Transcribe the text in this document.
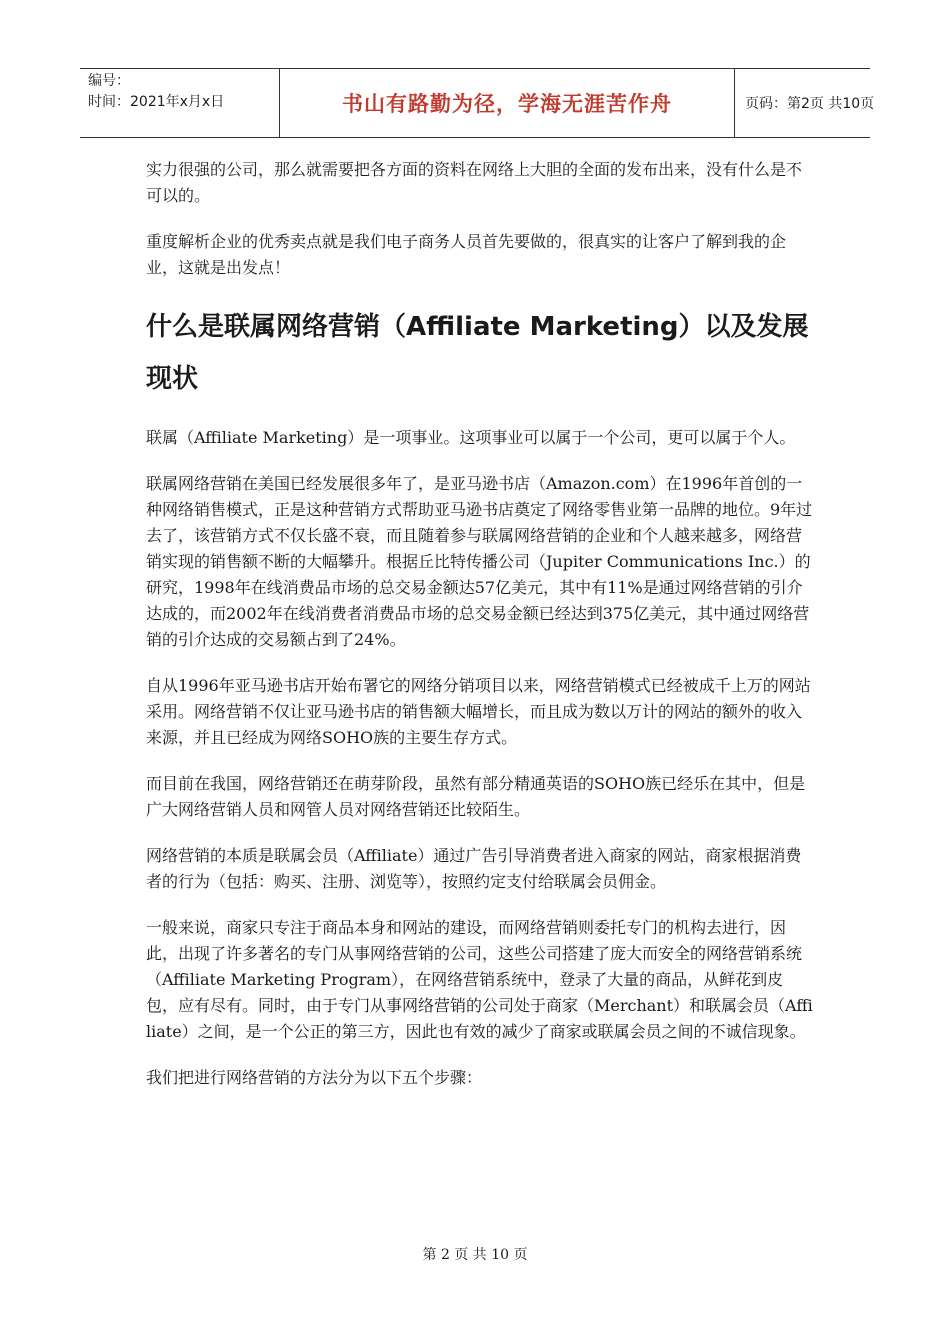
编号：
时间：2021年x月x日	书山有路勤为径，学海无涯苦作舟	页码：第2页 共10页

实力很强的公司，那么就需要把各方面的资料在网络上大胆的全面的发布出来，没有什么是不可以的。

重度解析企业的优秀卖点就是我们电子商务人员首先要做的，很真实的让客户了解到我的企业，这就是出发点！

什么是联属网络营销（Affiliate Marketing）以及发展现状

联属（Affiliate Marketing）是一项事业。这项事业可以属于一个公司，更可以属于个人。

联属网络营销在美国已经发展很多年了，是亚马逊书店（Amazon.com）在1996年首创的一种网络销售模式，正是这种营销方式帮助亚马逊书店奠定了网络零售业第一品牌的地位。9年过去了，该营销方式不仅长盛不衰，而且随着参与联属网络营销的企业和个人越来越多，网络营销实现的销售额不断的大幅攀升。根据丘比特传播公司（Jupiter Communications Inc.）的研究，1998年在线消费品市场的总交易金额达57亿美元，其中有11%是通过网络营销的引介达成的，而2002年在线消费者消费品市场的总交易金额已经达到375亿美元，其中通过网络营销的引介达成的交易额占到了24%。

自从1996年亚马逊书店开始布署它的网络分销项目以来，网络营销模式已经被成千上万的网站采用。网络营销不仅让亚马逊书店的销售额大幅增长，而且成为数以万计的网站的额外的收入来源，并且已经成为网络SOHO族的主要生存方式。

而目前在我国，网络营销还在萌芽阶段，虽然有部分精通英语的SOHO族已经乐在其中，但是广大网络营销人员和网管人员对网络营销还比较陌生。

网络营销的本质是联属会员（Affiliate）通过广告引导消费者进入商家的网站，商家根据消费者的行为（包括：购买、注册、浏览等），按照约定支付给联属会员佣金。

一般来说，商家只专注于商品本身和网站的建设，而网络营销则委托专门的机构去进行，因此，出现了许多著名的专门从事网络营销的公司，这些公司搭建了庞大而安全的网络营销系统（Affiliate Marketing Program），在网络营销系统中，登录了大量的商品，从鲜花到皮包，应有尽有。同时，由于专门从事网络营销的公司处于商家（Merchant）和联属会员（Affiliate）之间，是一个公正的第三方，因此也有效的减少了商家或联属会员之间的不诚信现象。

我们把进行网络营销的方法分为以下五个步骤：

第 2 页 共 10 页
